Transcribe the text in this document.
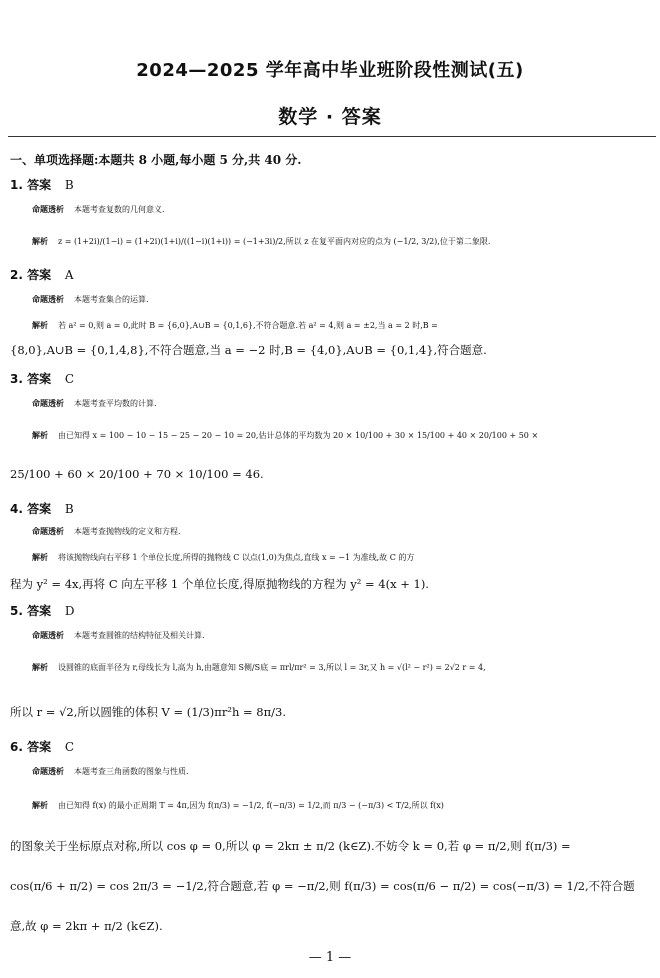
2024—2025 学年高中毕业班阶段性测试(五)
数学 · 答案
一、单项选择题:本题共 8 小题,每小题 5 分,共 40 分.
1. 答案 B
命题透析 本题考查复数的几何意义.
解析 z = (1+2i)/(1−i) = (1+2i)(1+i)/((1−i)(1+i)) = (−1+3i)/2,所以 z 在复平面内对应的点为 (−1/2, 3/2),位于第二象限.
2. 答案 A
命题透析 本题考查集合的运算.
解析 若 a² = 0,则 a = 0,此时 B = {6,0},A∪B = {0,1,6},不符合题意.若 a² = 4,则 a = ±2,当 a = 2 时,B =
{8,0},A∪B = {0,1,4,8},不符合题意,当 a = −2 时,B = {4,0},A∪B = {0,1,4},符合题意.
3. 答案 C
命题透析 本题考查平均数的计算.
解析 由已知得 x = 100 − 10 − 15 − 25 − 20 − 10 = 20,估计总体的平均数为 20 × 10/100 + 30 × 15/100 + 40 × 20/100 + 50 ×
25/100 + 60 × 20/100 + 70 × 10/100 = 46.
4. 答案 B
命题透析 本题考查抛物线的定义和方程.
解析 将该抛物线向右平移 1 个单位长度,所得的抛物线 C 以点(1,0)为焦点,直线 x = −1 为准线,故 C 的方
程为 y² = 4x,再将 C 向左平移 1 个单位长度,得原抛物线的方程为 y² = 4(x + 1).
5. 答案 D
命题透析 本题考查圆锥的结构特征及相关计算.
解析 设圆锥的底面半径为 r,母线长为 l,高为 h,由题意知 S侧/S底 = πrl/πr² = 3,所以 l = 3r,又 h = √(l² − r²) = 2√2 r = 4,
所以 r = √2,所以圆锥的体积 V = (1/3)πr²h = 8π/3.
6. 答案 C
命题透析 本题考查三角函数的图象与性质.
解析 由已知得 f(x) 的最小正周期 T = 4π,因为 f(π/3) = −1/2, f(−π/3) = 1/2,而 π/3 − (−π/3) < T/2,所以 f(x)
的图象关于坐标原点对称,所以 cos φ = 0,所以 φ = 2kπ ± π/2 (k∈Z).不妨令 k = 0,若 φ = π/2,则 f(π/3) =
cos(π/6 + π/2) = cos 2π/3 = −1/2,符合题意,若 φ = −π/2,则 f(π/3) = cos(π/6 − π/2) = cos(−π/3) = 1/2,不符合题
意,故 φ = 2kπ + π/2 (k∈Z).
— 1 —
